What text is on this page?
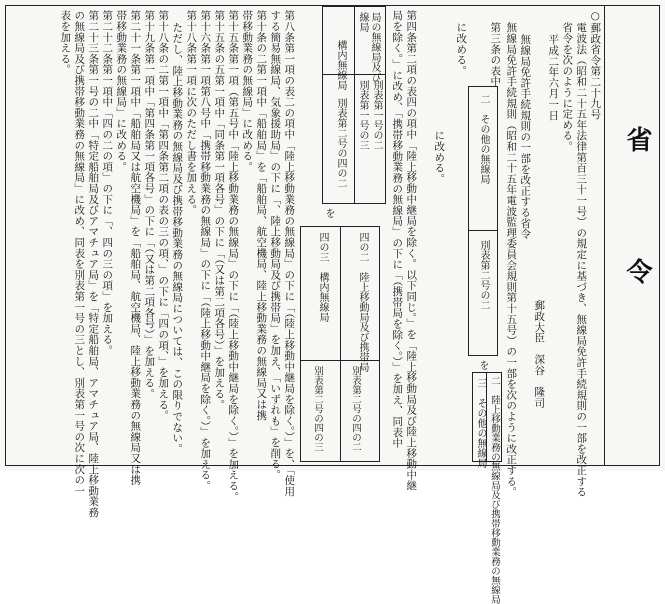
省　令
○郵政省令第二十九号
電波法（昭和二十五年法律第百三十一号）の規定に基づき、無線局免許手続規則の一部を改正する
省令を次のように定める。
平成二年六月一日
郵政大臣　深谷　隆司
無線局免許手続規則の一部を改正する省令
無線局免許手続規則（昭和二十五年電波監理委員会規則第十五号）の一部を次のように改正する。
第三条の表中
二　その他の無線局
別表第二号の二
を
二　陸上移動業務の無線局及び携帯移動業務の無線局
三　その他の無線局
に改める。
第四条第二項の表四の項中「陸上移動中継局を除く。以下同じ。」を「陸上移動局及び陸上移動中継
局を除く。」に改め、「携帯移動業務の無線局」の下に「（携帯局を除く。）」を加え、同表中	に改める。
局の無線局及び
線局
別表第一号の二
別表第一号の三
構内無線局
別表第二号の四の二
を
四の二　陸上移動局及び携帯局
別表第二号の四の二
四の三　構内無線局
別表第二号の四の三
第八条第一項の表二の項中「陸上移動業務の無線局」の下に「（陸上移動中継局を除く。）」を、「使用
する簡易無線局、気象援助局」の下に「、陸上移動局及び携帯局」を加え、「いずれも」を削る。
第十条の二第一項中「船舶局」を「船舶局、航空機局、陸上移動業務の無線局又は携
帯移動業務の無線局」に改める。
第十五条第一項（第五号中「陸上移動業務の無線局」の下に「（陸上移動中継局を除く。）」を加える。
第十五条の五第一項中「同条第一項各号」の下に「（又は第二項各号）」を加える。
第十六条第一項第八号中「携帯移動業務の無線局」の下に「（陸上移動中継局を除く。）」を加える。
第十八条第一項に次のただし書を加える。
ただし、陸上移動業務の無線局及び携帯移動業務の無線局については、この限りでない。
第十八条の二第一項中「第四条第二項の表の三の項、」の下に「四の項、」を加える。
第十九条第一項中「第四条第一項各号」の下に「（又は第二項各号）」を加える。
第二十一条第一項中「船舶局又は航空機局」を「船舶局、航空機局、陸上移動業務の無線局又は携
帯移動業務の無線局」に改める。
第二十二条第一項中「四の二の項」の下に「、四の三の項」を加える。
第二十三条第一号の二中「特定船舶局及びアマチュア局」を「特定船舶局、アマチュア局、陸上移動業務
の無線局及び携帯移動業務の無線局」に改め、同表を別表第一号の三とし、別表第一号の次に次の一
表を加える。
